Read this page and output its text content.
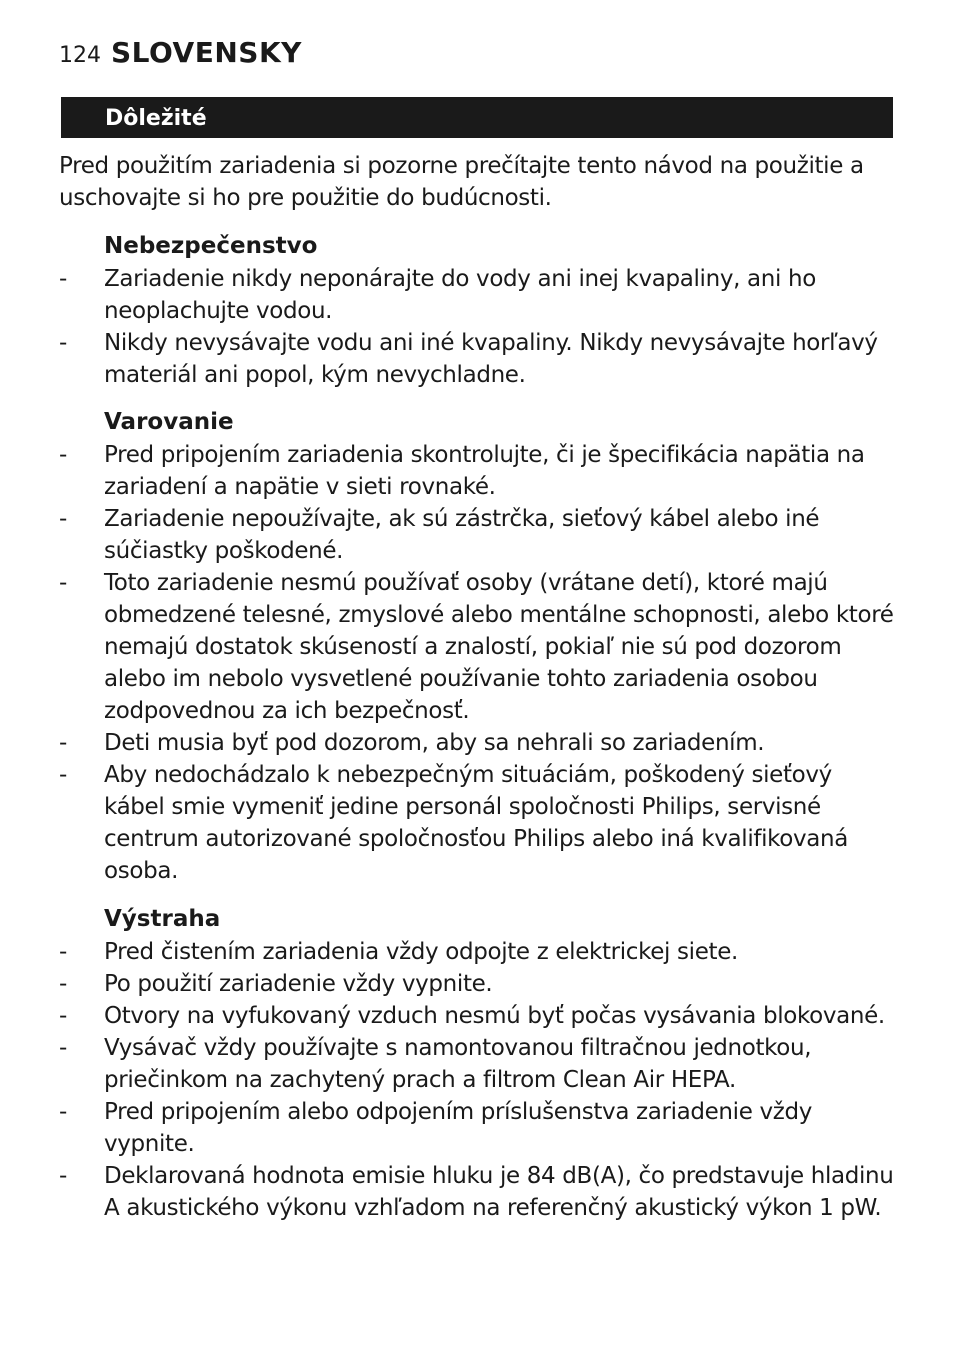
124 SLOVENSKY
Dôležité

Pred použitím zariadenia si pozorne prečítajte tento návod na použitie a uschovajte si ho pre použitie do budúcnosti.

Nebezpečenstvo
- Zariadenie nikdy neponárajte do vody ani inej kvapaliny, ani ho neoplachujte vodou.
- Nikdy nevysávajte vodu ani iné kvapaliny. Nikdy nevysávajte horľavý materiál ani popol, kým nevychladne.
Varovanie
- Pred pripojením zariadenia skontrolujte, či je špecifikácia napätia na zariadení a napätie v sieti rovnaké.
- Zariadenie nepoužívajte, ak sú zástrčka, sieťový kábel alebo iné súčiastky poškodené.
- Toto zariadenie nesmú používať osoby (vrátane detí), ktoré majú obmedzené telesné, zmyslové alebo mentálne schopnosti, alebo ktoré nemajú dostatok skúseností a znalostí, pokiaľ nie sú pod dozorom alebo im nebolo vysvetlené používanie tohto zariadenia osobou zodpovednou za ich bezpečnosť.
- Deti musia byť pod dozorom, aby sa nehrali so zariadením.
- Aby nedochádzalo k nebezpečným situáciám, poškodený sieťový kábel smie vymeniť jedine personál spoločnosti Philips, servisné centrum autorizované spoločnosťou Philips alebo iná kvalifikovaná osoba.
Výstraha
- Pred čistením zariadenia vždy odpojte z elektrickej siete.
- Po použití zariadenie vždy vypnite.
- Otvory na vyfukovaný vzduch nesmú byť počas vysávania blokované.
- Vysávač vždy používajte s namontovanou filtračnou jednotkou, priečinkom na zachytený prach a filtrom Clean Air HEPA.
- Pred pripojením alebo odpojením príslušenstva zariadenie vždy vypnite.
- Deklarovaná hodnota emisie hluku je 84 dB(A), čo predstavuje hladinu A akustického výkonu vzhľadom na referenčný akustický výkon 1 pW.
